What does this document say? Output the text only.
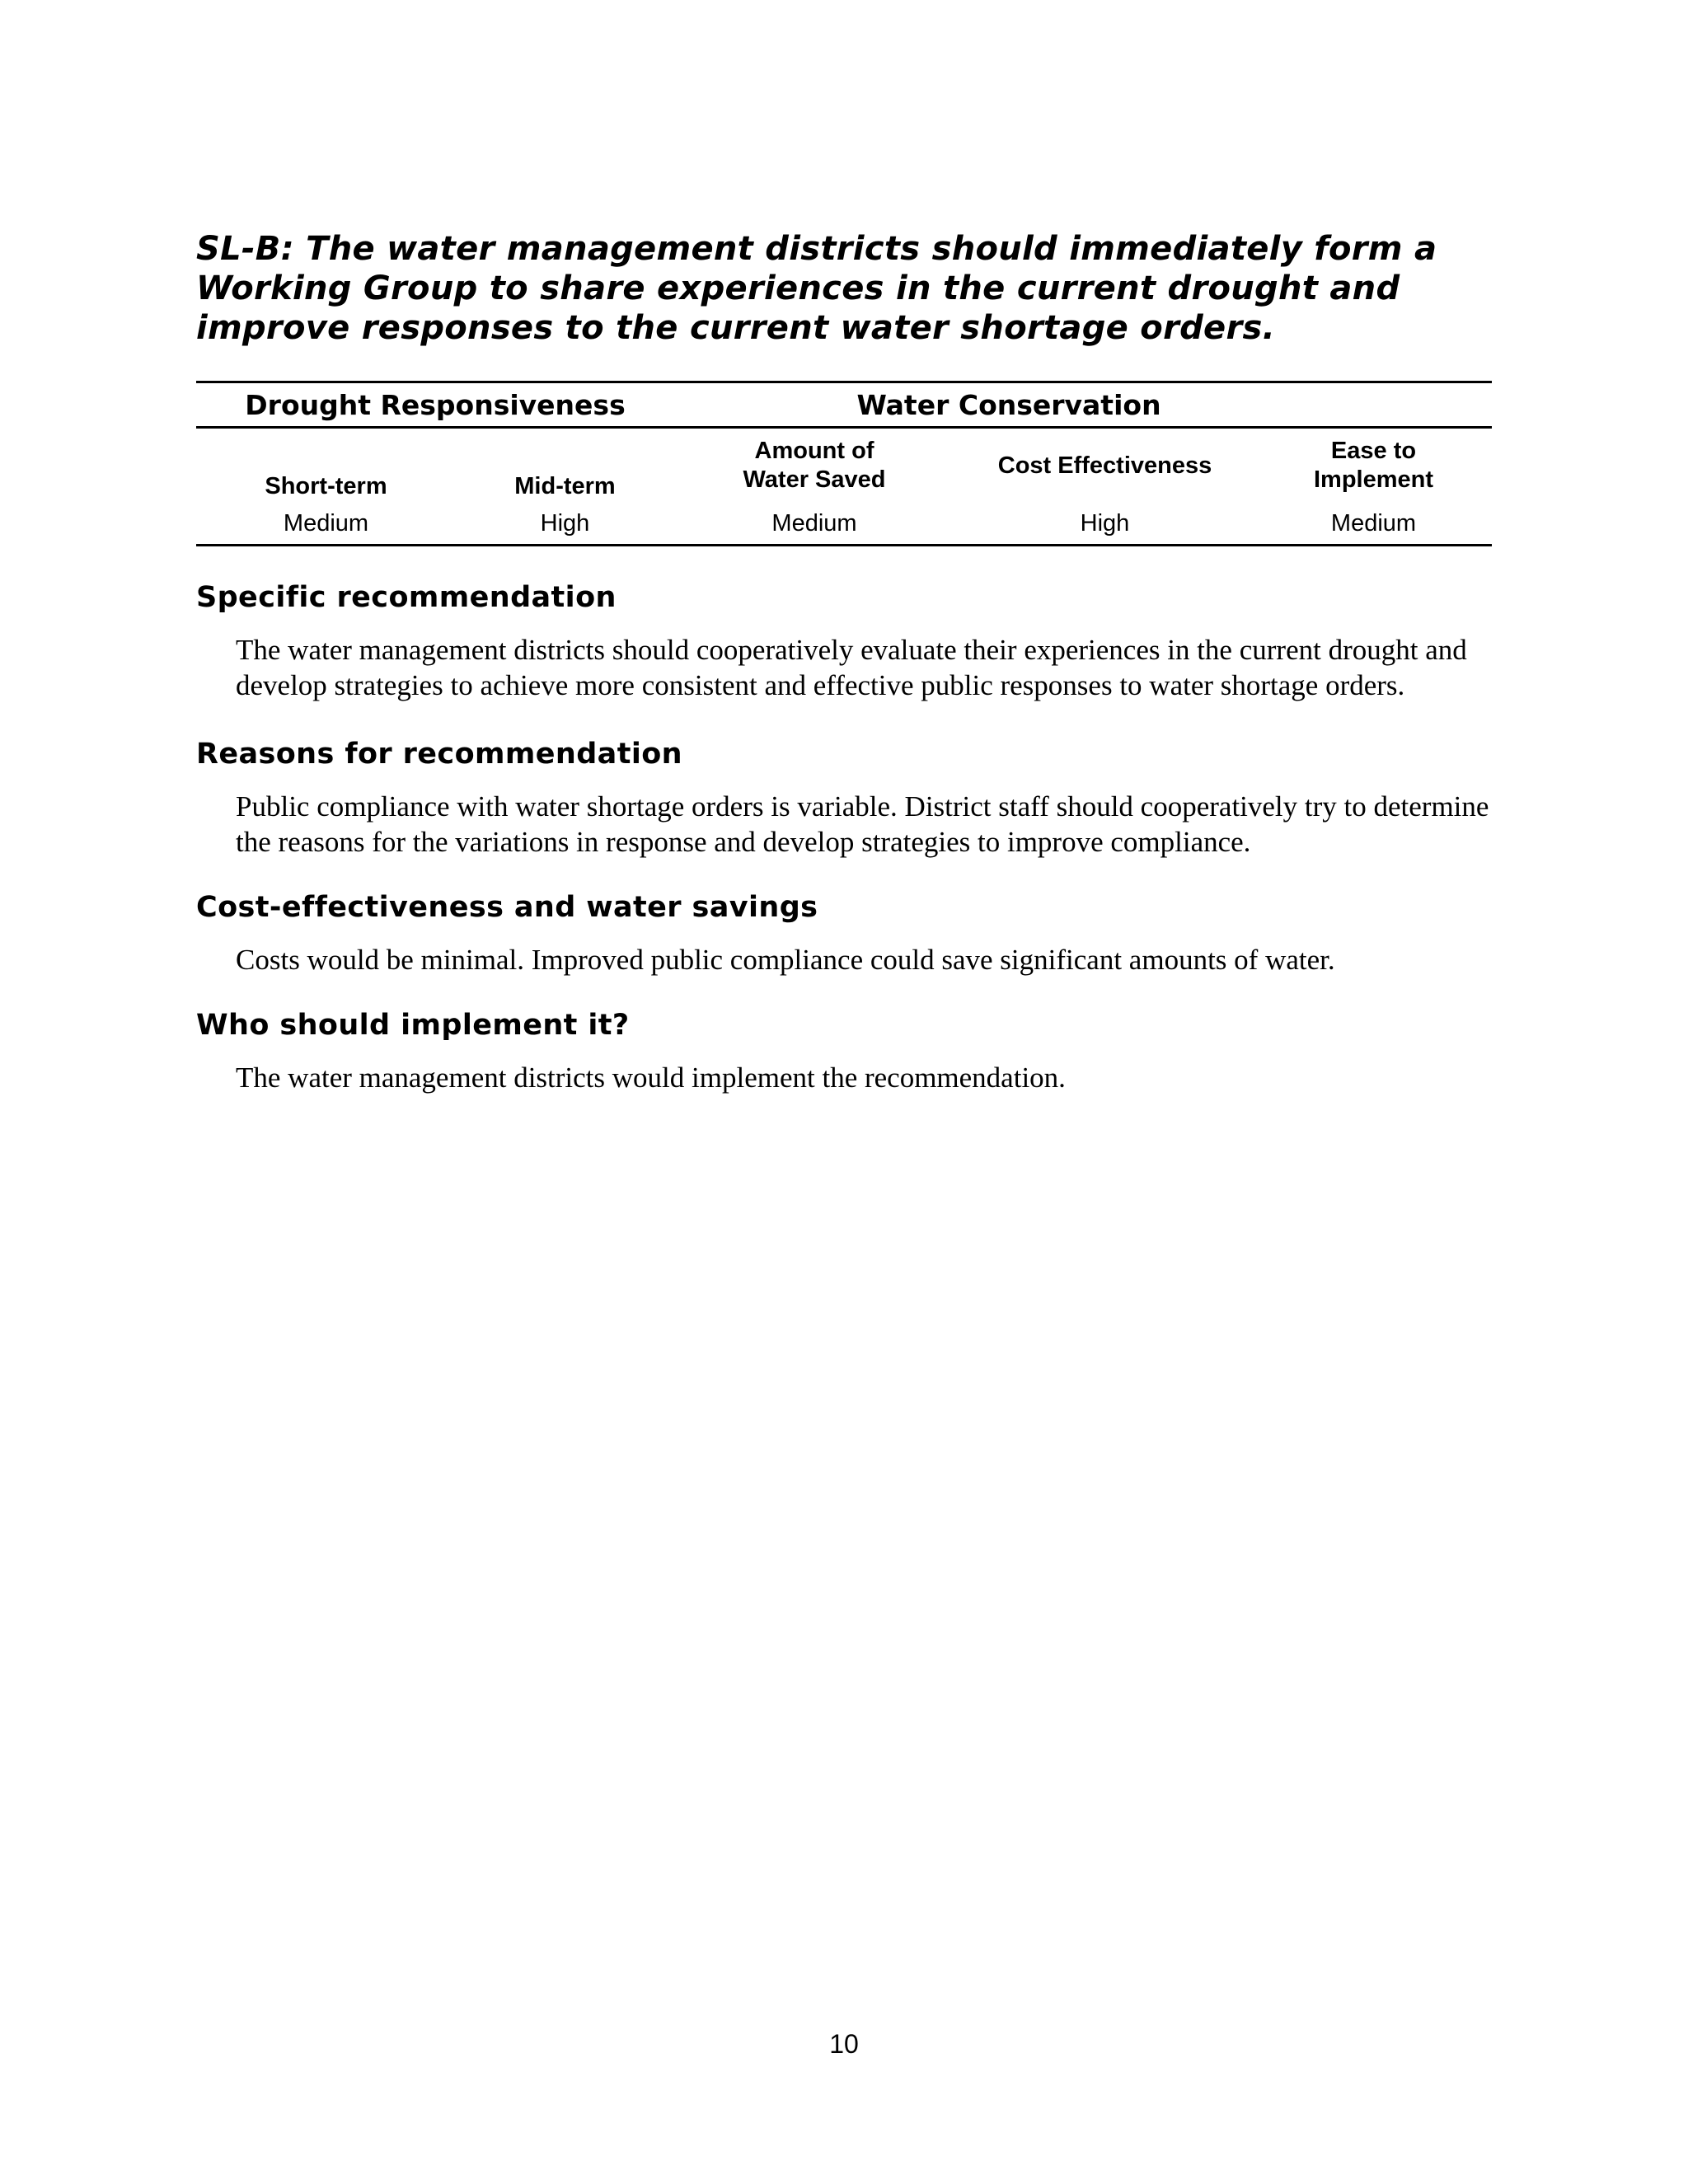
SL-B: The water management districts should immediately form a Working Group to share experiences in the current drought and improve responses to the current water shortage orders.
Drought Responsiveness	Water Conservation
Short-term
Medium
Mid-term
High
Amount of
Water Saved
Medium
Cost Effectiveness
High
Ease to
Implement
Medium
Specific recommendation

The water management districts should cooperatively evaluate their experiences in the current drought and develop strategies to achieve more consistent and effective public responses to water shortage orders.

Reasons for recommendation

Public compliance with water shortage orders is variable. District staff should cooperatively try to determine the reasons for the variations in response and develop strategies to improve compliance.

Cost-effectiveness and water savings

Costs would be minimal. Improved public compliance could save significant amounts of water.

Who should implement it?

The water management districts would implement the recommendation.

10
